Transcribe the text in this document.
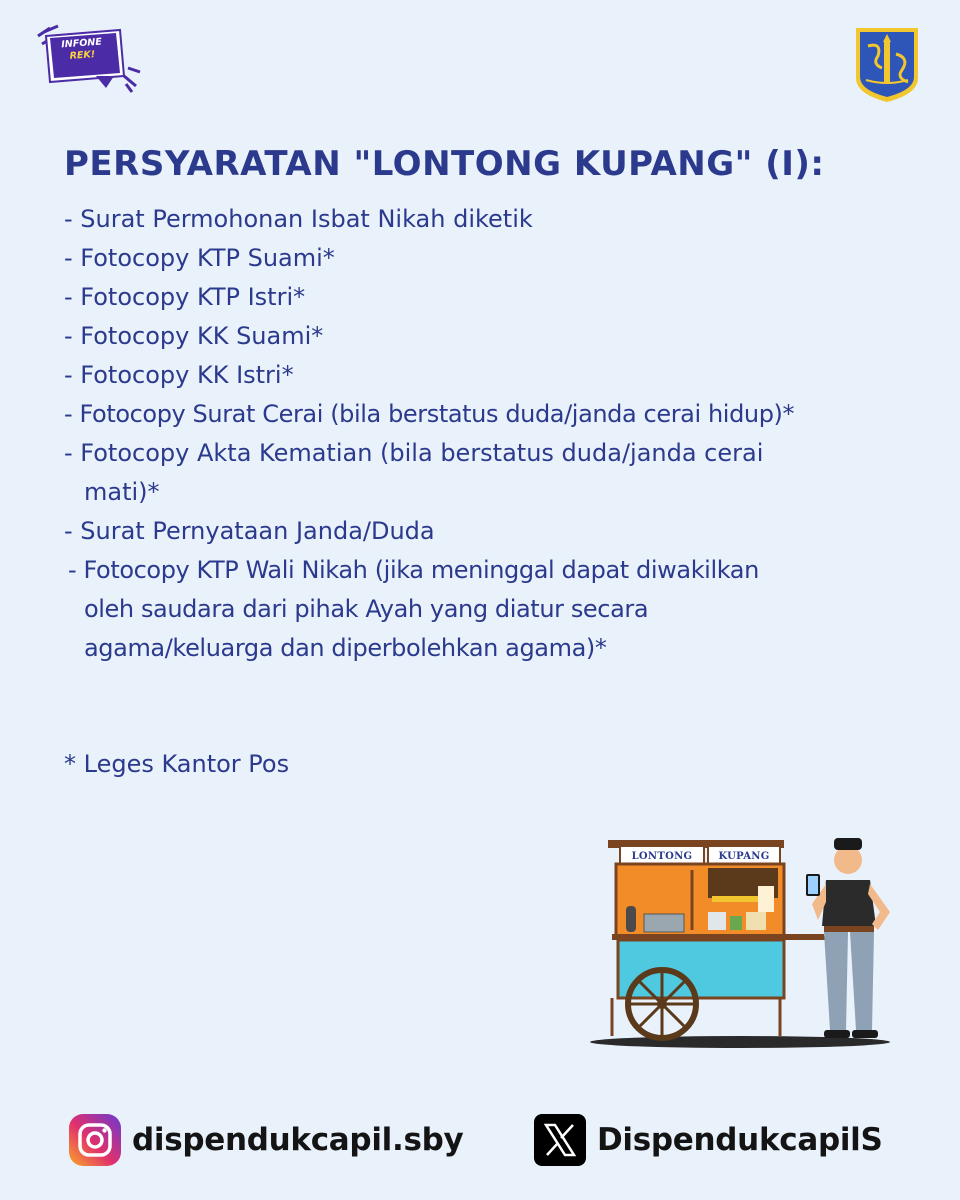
INFONE
REK!
PERSYARATAN "LONTONG KUPANG" (I):
- Surat Permohonan Isbat Nikah diketik
- Fotocopy KTP Suami*
- Fotocopy KTP Istri*
- Fotocopy KK Suami*
- Fotocopy KK Istri*
- Fotocopy Surat Cerai (bila berstatus duda/janda cerai hidup)*
- Fotocopy Akta Kematian (bila berstatus duda/janda cerai
mati)*
- Surat Pernyataan Janda/Duda
- Fotocopy KTP Wali Nikah (jika meninggal dapat diwakilkan
oleh saudara dari pihak Ayah yang diatur secara
agama/keluarga dan diperbolehkan agama)*

* Leges Kantor Pos

LONTONG	KUPANG
dispendukcapil.sby	DispendukcapilS
